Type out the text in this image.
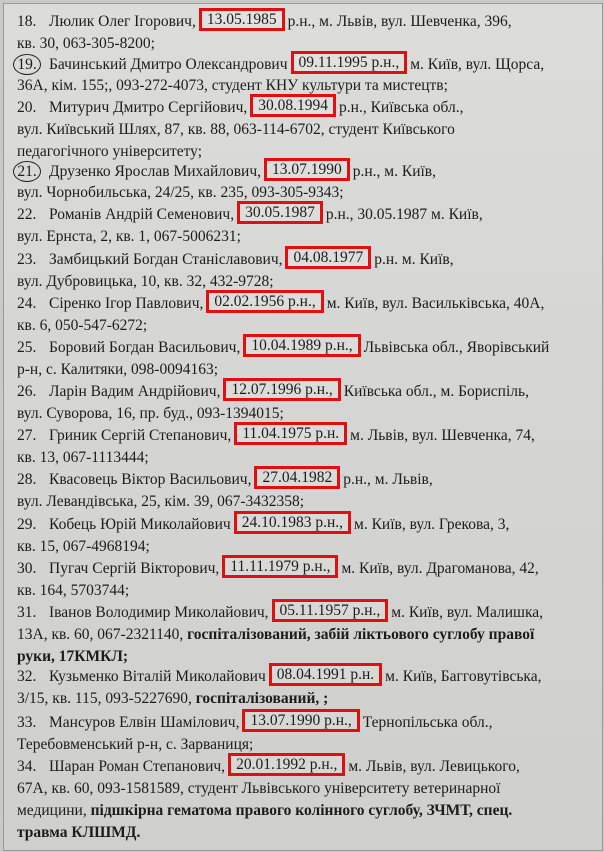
18. Люлик Олег Ігорович, 13.05.1985 р.н., м. Львів, вул. Шевченка, 396,
кв. 30, 063-305-8200;
19. Бачинський Дмитро Олександрович 09.11.1995 р.н., м. Київ, вул. Щорса,
36А, кім. 155;, 093-272-4073, студент КНУ культури та мистецтв;
20. Митурич Дмитро Сергійович, 30.08.1994 р.н., Київська обл.,
вул. Київський Шлях, 87, кв. 88, 063-114-6702, студент Київського
педагогічного університету;
21. Друзенко Ярослав Михайлович, 13.07.1990 р.н., м. Київ,
вул. Чорнобильська, 24/25, кв. 235, 093-305-9343;
22. Романів Андрій Семенович, 30.05.1987 р.н., 30.05.1987 м. Київ,
вул. Ернста, 2, кв. 1, 067-5006231;
23. Замбицький Богдан Станіславович, 04.08.1977 р.н. м. Київ,
вул. Дубровицька, 10, кв. 32, 432-9728;
24. Сіренко Ігор Павлович, 02.02.1956 р.н., м. Київ, вул. Васильківська, 40А,
кв. 6, 050-547-6272;
25. Боровий Богдан Васильович, 10.04.1989 р.н., Львівська обл., Яворівський
р-н, с. Калитяки, 098-0094163;
26. Ларін Вадим Андрійович, 12.07.1996 р.н., Київська обл., м. Бориспіль,
вул. Суворова, 16, пр. буд., 093-1394015;
27. Гриник Сергій Степанович, 11.04.1975 р.н. м. Львів, вул. Шевченка, 74,
кв. 13, 067-1113444;
28. Квасовець Віктор Васильович, 27.04.1982 р.н., м. Львів,
вул. Левандівська, 25, кім. 39, 067-3432358;
29. Кобець Юрій Миколайович 24.10.1983 р.н., м. Київ, вул. Грекова, 3,
кв. 15, 067-4968194;
30. Пугач Сергій Вікторович, 11.11.1979 р.н., м. Київ, вул. Драгоманова, 42,
кв. 164, 5703744;
31. Іванов Володимир Миколайович, 05.11.1957 р.н., м. Київ, вул. Малишка,
13А, кв. 60, 067-2321140, госпіталізований, забій ліктьового суглобу правої
руки, 17КМКЛ;
32. Кузьменко Віталій Миколайович 08.04.1991 р.н. м. Київ, Багговутівська,
3/15, кв. 115, 093-5227690, госпіталізований, ;
33. Мансуров Елвін Шамілович, 13.07.1990 р.н., Тернопільська обл.,
Теребовменський р-н, с. Зарваниця;
34. Шаран Роман Степанович, 20.01.1992 р.н., м. Львів, вул. Левицького,
67А, кв. 60, 093-1581589, студент Львівського університету ветеринарної
медицини, підшкірна гематома правого колінного суглобу, ЗЧМТ, спец.
травма КЛШМД.
